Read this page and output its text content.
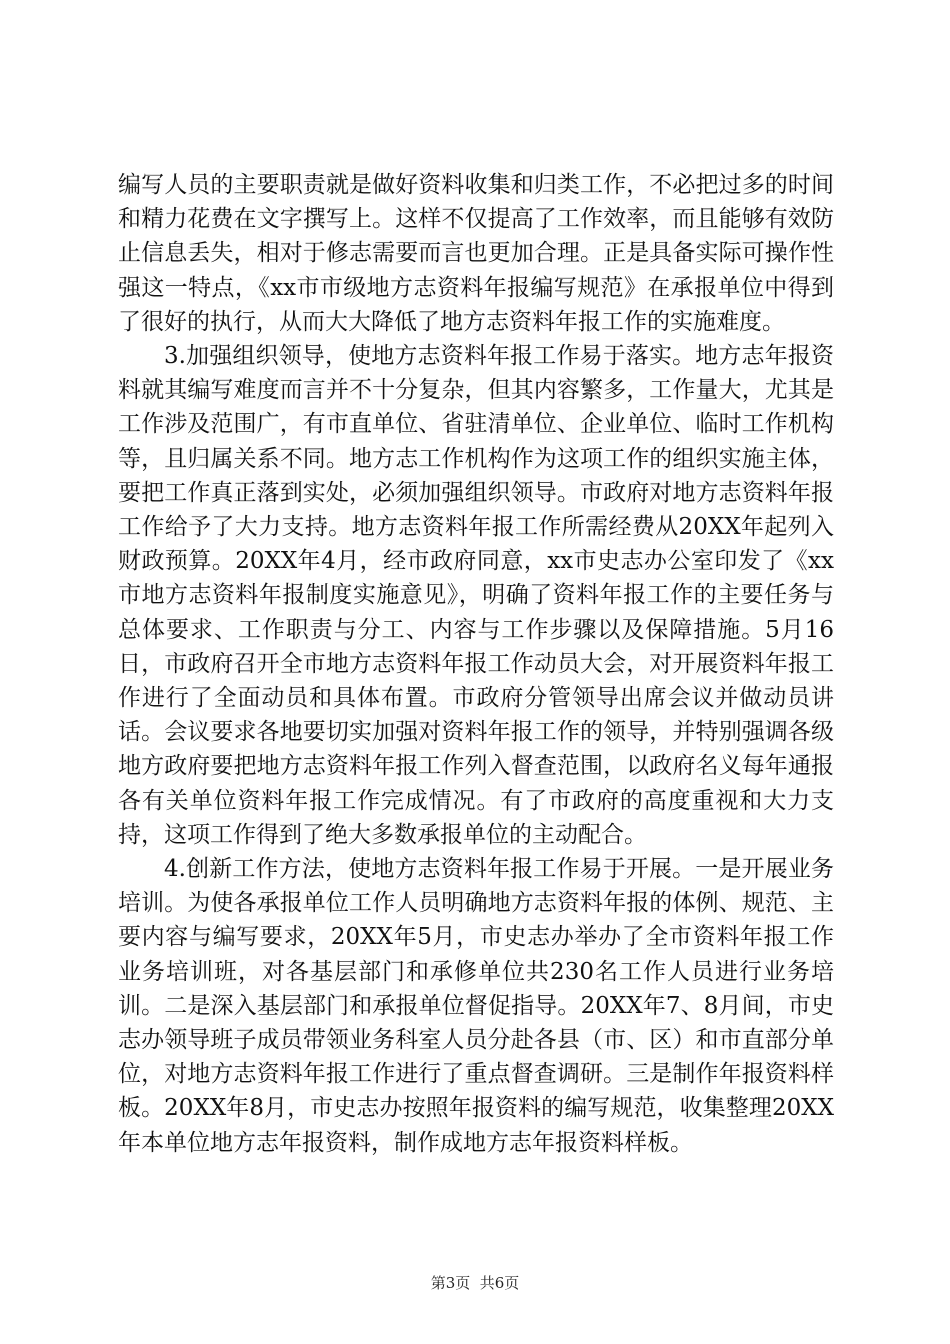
编写人员的主要职责就是做好资料收集和归类工作，不必把过多的时间和精力花费在文字撰写上。这样不仅提高了工作效率，而且能够有效防止信息丢失，相对于修志需要而言也更加合理。正是具备实际可操作性强这一特点，《xx市市级地方志资料年报编写规范》在承报单位中得到了很好的执行，从而大大降低了地方志资料年报工作的实施难度。

3.加强组织领导，使地方志资料年报工作易于落实。地方志年报资料就其编写难度而言并不十分复杂，但其内容繁多，工作量大，尤其是工作涉及范围广，有市直单位、省驻清单位、企业单位、临时工作机构等，且归属关系不同。地方志工作机构作为这项工作的组织实施主体，要把工作真正落到实处，必须加强组织领导。市政府对地方志资料年报工作给予了大力支持。地方志资料年报工作所需经费从20XX年起列入财政预算。20XX年4月，经市政府同意，xx市史志办公室印发了《xx市地方志资料年报制度实施意见》，明确了资料年报工作的主要任务与总体要求、工作职责与分工、内容与工作步骤以及保障措施。5月16日，市政府召开全市地方志资料年报工作动员大会，对开展资料年报工作进行了全面动员和具体布置。市政府分管领导出席会议并做动员讲话。会议要求各地要切实加强对资料年报工作的领导，并特别强调各级地方政府要把地方志资料年报工作列入督查范围，以政府名义每年通报各有关单位资料年报工作完成情况。有了市政府的高度重视和大力支持，这项工作得到了绝大多数承报单位的主动配合。

4.创新工作方法，使地方志资料年报工作易于开展。一是开展业务培训。为使各承报单位工作人员明确地方志资料年报的体例、规范、主要内容与编写要求，20XX年5月，市史志办举办了全市资料年报工作业务培训班，对各基层部门和承修单位共230名工作人员进行业务培训。二是深入基层部门和承报单位督促指导。20XX年7、8月间，市史志办领导班子成员带领业务科室人员分赴各县（市、区）和市直部分单位，对地方志资料年报工作进行了重点督查调研。三是制作年报资料样板。20XX年8月，市史志办按照年报资料的编写规范，收集整理20XX年本单位地方志年报资料，制作成地方志年报资料样板。

第3页  共6页
